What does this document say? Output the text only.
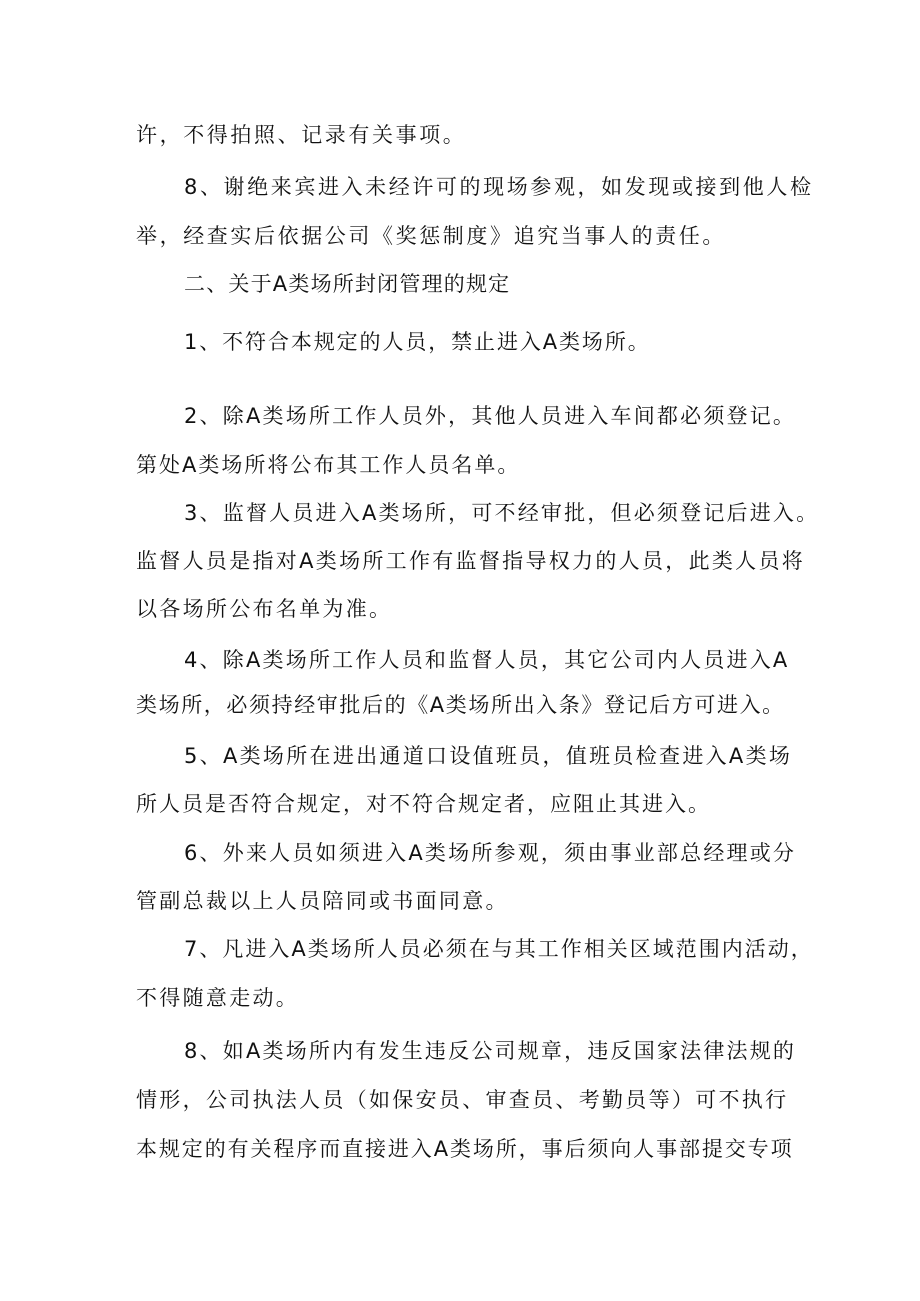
许，不得拍照、记录有关事项。
8、谢绝来宾进入未经许可的现场参观，如发现或接到他人检
举，经查实后依据公司《奖惩制度》追究当事人的责任。
二、关于A类场所封闭管理的规定
1、不符合本规定的人员，禁止进入A类场所。
2、除A类场所工作人员外，其他人员进入车间都必须登记。
第处A类场所将公布其工作人员名单。
3、监督人员进入A类场所，可不经审批，但必须登记后进入。
监督人员是指对A类场所工作有监督指导权力的人员，此类人员将
以各场所公布名单为准。
4、除A类场所工作人员和监督人员，其它公司内人员进入A
类场所，必须持经审批后的《A类场所出入条》登记后方可进入。
5、A类场所在进出通道口设值班员，值班员检查进入A类场
所人员是否符合规定，对不符合规定者，应阻止其进入。
6、外来人员如须进入A类场所参观，须由事业部总经理或分
管副总裁以上人员陪同或书面同意。
7、凡进入A类场所人员必须在与其工作相关区域范围内活动，
不得随意走动。
8、如A类场所内有发生违反公司规章，违反国家法律法规的
情形，公司执法人员（如保安员、审查员、考勤员等）可不执行
本规定的有关程序而直接进入A类场所，事后须向人事部提交专项
